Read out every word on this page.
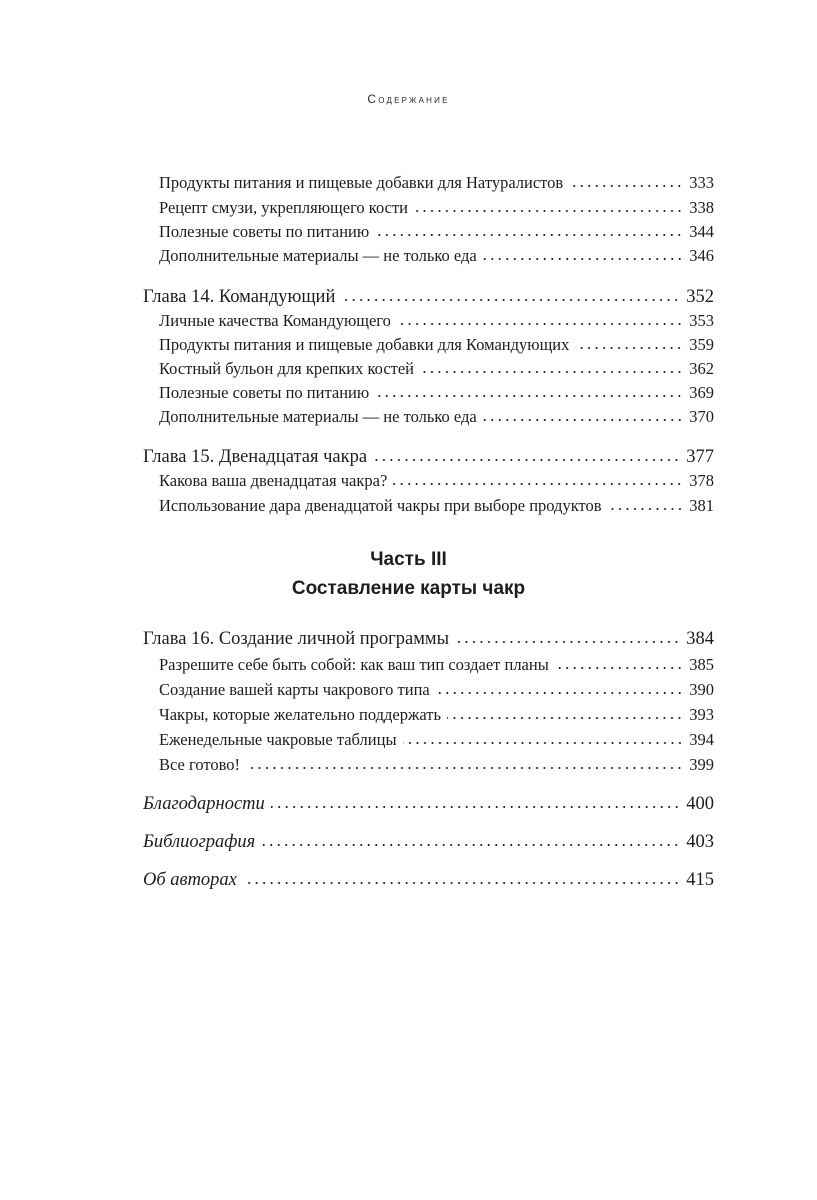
Содержание
Продукты питания и пищевые добавки для Натуралистов	333
Рецепт смузи, укрепляющего кости	338
Полезные советы по питанию	344
Дополнительные материалы — не только еда	346
Глава 14. Командующий	352
Личные качества Командующего	353
Продукты питания и пищевые добавки для Командующих	359
Костный бульон для крепких костей	362
Полезные советы по питанию	369
Дополнительные материалы — не только еда	370
Глава 15. Двенадцатая чакра	377
Какова ваша двенадцатая чакра?	378
Использование дара двенадцатой чакры при выборе продуктов	381
Часть III
Составление карты чакр
Глава 16. Создание личной программы	384
Разрешите себе быть собой: как ваш тип создает планы	385
Создание вашей карты чакрового типа	390
Чакры, которые желательно поддержать	393
Еженедельные чакровые таблицы	394
Все готово!	399
Благодарности	400
Библиография	403
Об авторах	415
